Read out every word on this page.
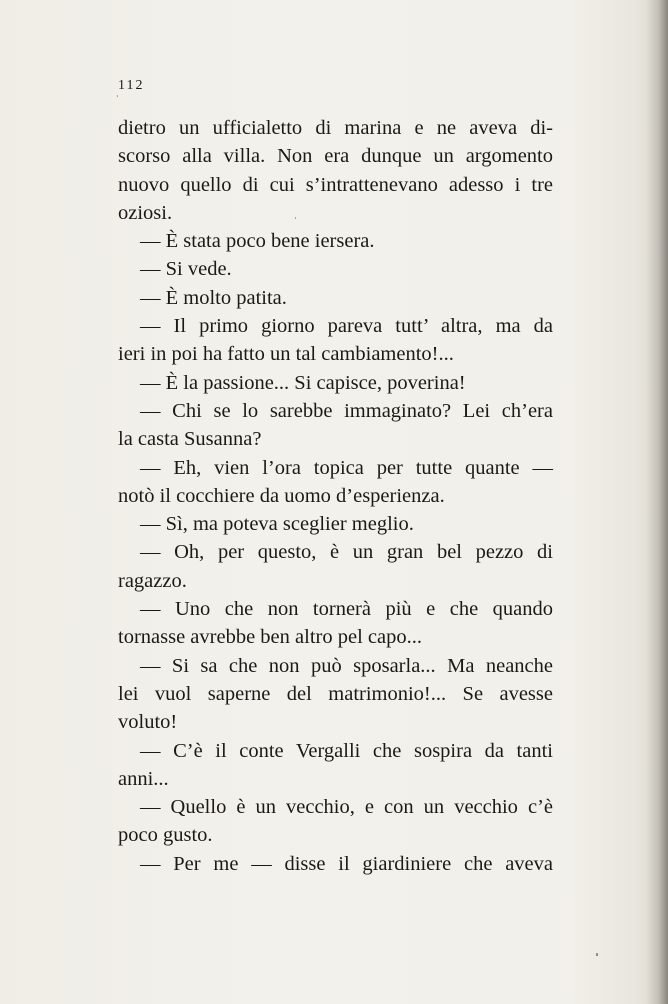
112
dietro un ufficialetto di marina e ne aveva di-
scorso alla villa. Non era dunque un argomento
nuovo quello di cui s’intrattenevano adesso i tre
oziosi.
— È stata poco bene iersera.
— Si vede.
— È molto patita.
— Il primo giorno pareva tutt’ altra, ma da
ieri in poi ha fatto un tal cambiamento!...
— È la passione... Si capisce, poverina!
— Chi se lo sarebbe immaginato? Lei ch’era
la casta Susanna?
— Eh, vien l’ora topica per tutte quante —
notò il cocchiere da uomo d’esperienza.
— Sì, ma poteva sceglier meglio.
— Oh, per questo, è un gran bel pezzo di
ragazzo.
— Uno che non tornerà più e che quando
tornasse avrebbe ben altro pel capo...
— Si sa che non può sposarla... Ma neanche
lei vuol saperne del matrimonio!... Se avesse
voluto!
— C’è il conte Vergalli che sospira da tanti
anni...
— Quello è un vecchio, e con un vecchio c’è
poco gusto.
— Per me — disse il giardiniere che aveva
·
·
ˌ
